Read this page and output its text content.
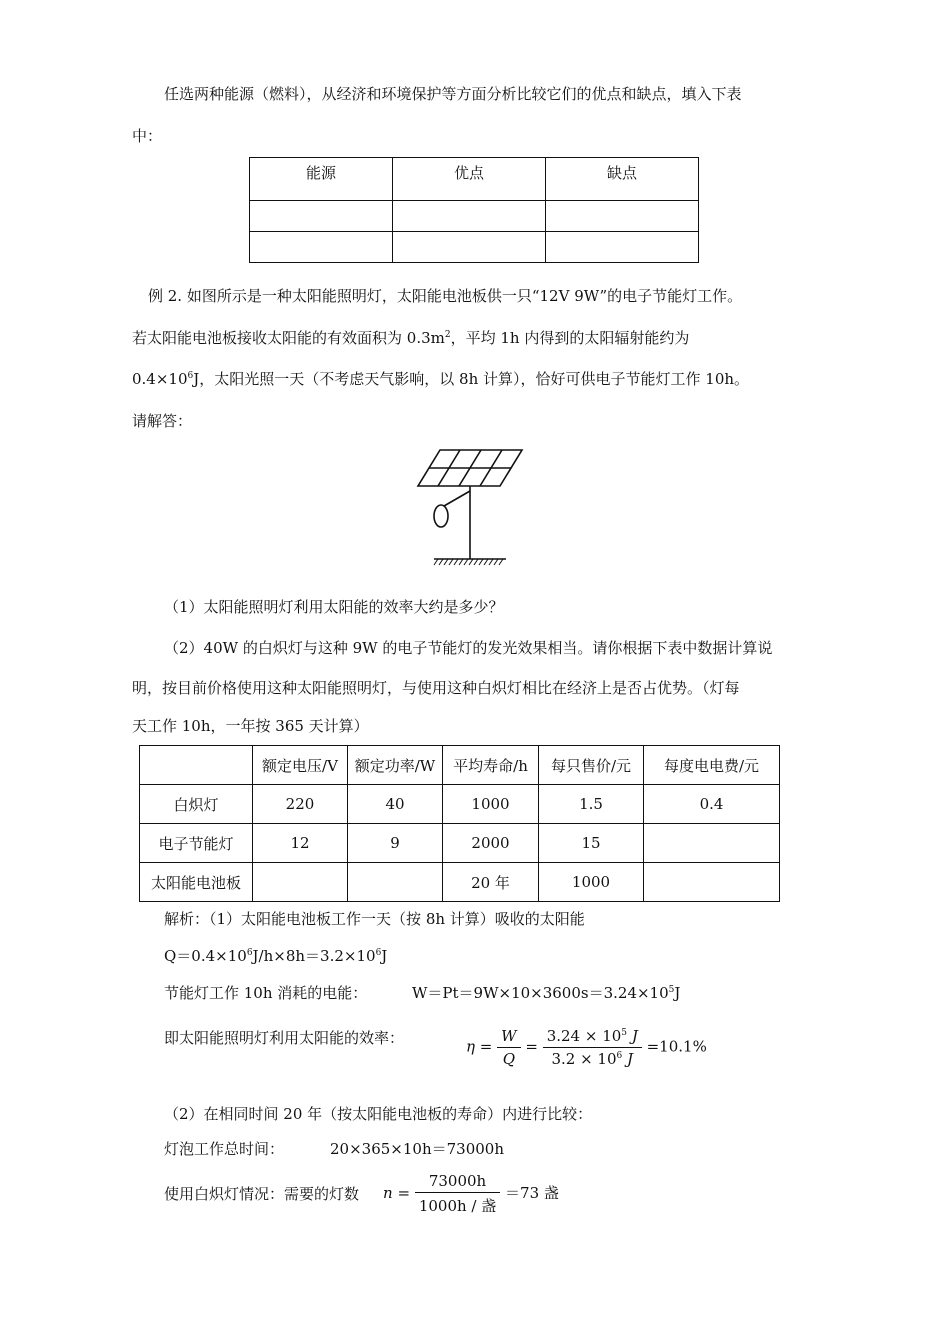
任选两种能源（燃料），从经济和环境保护等方面分析比较它们的优点和缺点，填入下表
中：
能源	优点	缺点

例 2. 如图所示是一种太阳能照明灯，太阳能电池板供一只“12V 9W”的电子节能灯工作。
若太阳能电池板接收太阳能的有效面积为 $0.3m^2$，平均 1h 内得到的太阳辐射能约为
$0.4\times 10^6J$，太阳光照一天（不考虑天气影响，以 8h 计算），恰好可供电子节能灯工作 10h。
请解答：
（1）太阳能照明灯利用太阳能的效率大约是多少？
（2）40W 的白炽灯与这种 9W 的电子节能灯的发光效果相当。请你根据下表中数据计算说
明，按目前价格使用这种太阳能照明灯，与使用这种白炽灯相比在经济上是否占优势。（灯每
天工作 10h，一年按 365 天计算）
	额定电压/V	额定功率/W	平均寿命/h	每只售价/元	每度电电费/元
白炽灯	220	40	1000	1.5	0.4
电子节能灯	12	9	2000	15	
太阳能电池板			20 年	1000	
解析：（1）太阳能电池板工作一天（按 8h 计算）吸收的太阳能
$Q=0.4\times 10^6J/h\times 8h=3.2\times 10^6J$
节能灯工作 10h 消耗的电能：	$W=Pt=9W\times 10\times 3600s=3.24\times 10^5J$
即太阳能照明灯利用太阳能的效率：	$\eta = \frac{W}{Q} = \frac{3.24 \times 10^5 J}{3.2 \times 10^6 J} =10.1\%$
（2）在相同时间 20 年（按太阳能电池板的寿命）内进行比较：
灯泡工作总时间：	20×365×10h＝73000h
使用白炽灯情况：需要的灯数 $n = \frac{73000h}{\text{1000h / 盏}} =73$ 盏
